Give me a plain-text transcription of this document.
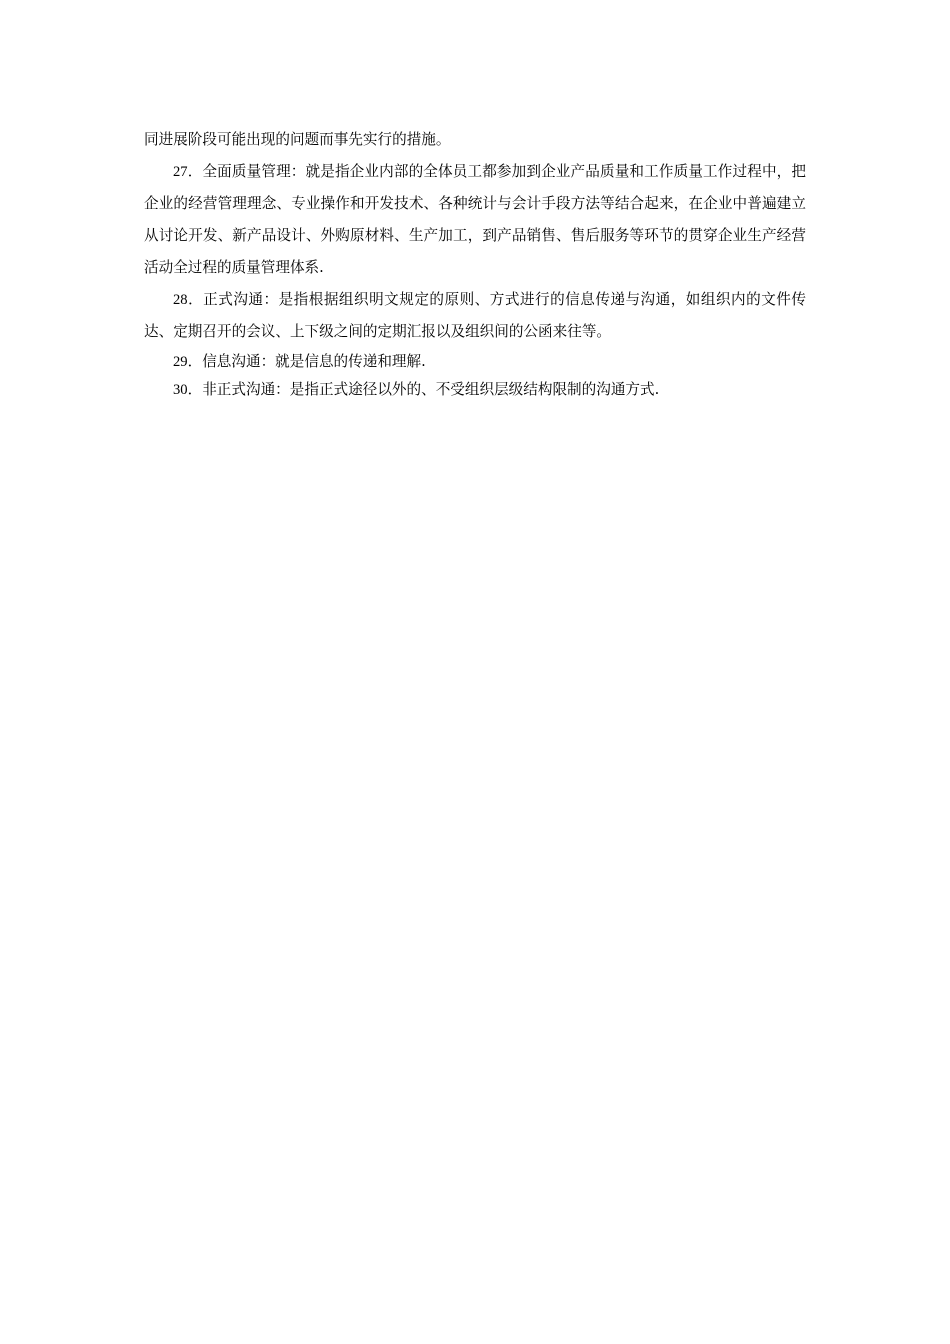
同进展阶段可能出现的问题而事先实行的措施。

27．全面质量管理：就是指企业内部的全体员工都参加到企业产品质量和工作质量工作过程中，把企业的经营管理理念、专业操作和开发技术、各种统计与会计手段方法等结合起来，在企业中普遍建立从讨论开发、新产品设计、外购原材料、生产加工，到产品销售、售后服务等环节的贯穿企业生产经营活动全过程的质量管理体系.

28．正式沟通：是指根据组织明文规定的原则、方式进行的信息传递与沟通，如组织内的文件传达、定期召开的会议、上下级之间的定期汇报以及组织间的公函来往等。

29．信息沟通：就是信息的传递和理解.

30．非正式沟通：是指正式途径以外的、不受组织层级结构限制的沟通方式.
